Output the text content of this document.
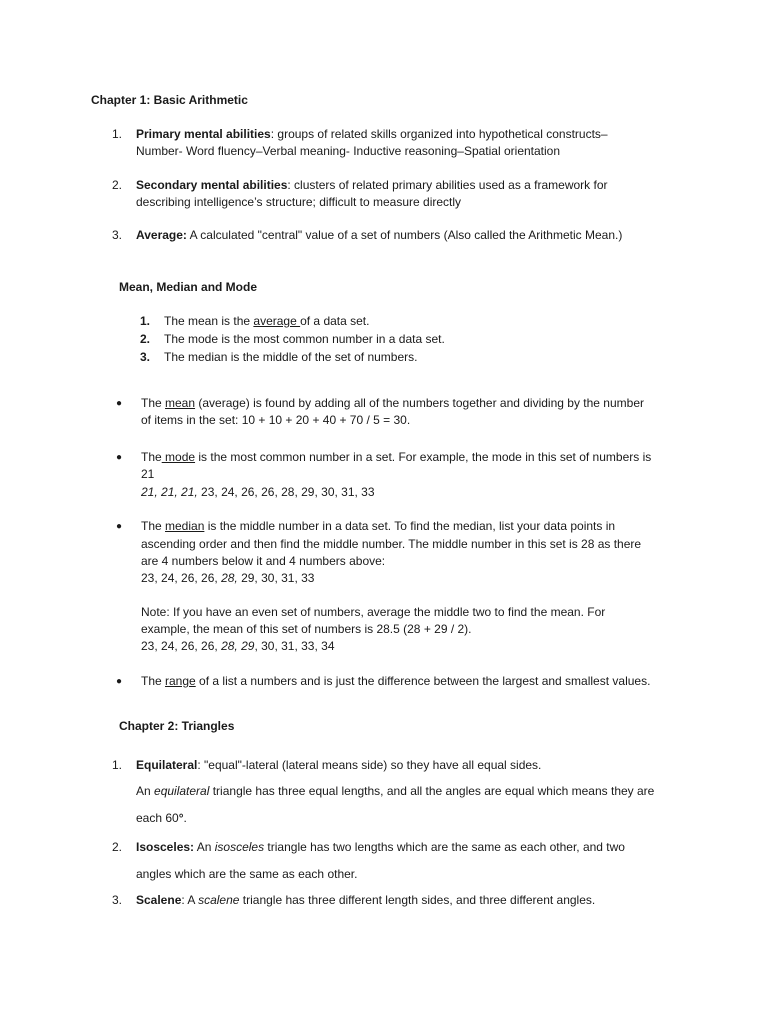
Chapter 1: Basic Arithmetic
1. Primary mental abilities: groups of related skills organized into hypothetical constructs–
Number- Word fluency–Verbal meaning- Inductive reasoning–Spatial orientation
2. Secondary mental abilities: clusters of related primary abilities used as a framework for
describing intelligence’s structure; difficult to measure directly
3. Average: A calculated "central" value of a set of numbers (Also called the Arithmetic Mean.)
Mean, Median and Mode
1. The mean is the average of a data set.
2. The mode is the most common number in a data set.
3. The median is the middle of the set of numbers.
● The mean (average) is found by adding all of the numbers together and dividing by the number
of items in the set: 10 + 10 + 20 + 40 + 70 / 5 = 30.
● The mode is the most common number in a set. For example, the mode in this set of numbers is
21
21, 21, 21, 23, 24, 26, 26, 28, 29, 30, 31, 33
● The median is the middle number in a data set. To find the median, list your data points in
ascending order and then find the middle number. The middle number in this set is 28 as there
are 4 numbers below it and 4 numbers above:
23, 24, 26, 26, 28, 29, 30, 31, 33
Note: If you have an even set of numbers, average the middle two to find the mean. For
example, the mean of this set of numbers is 28.5 (28 + 29 / 2).
23, 24, 26, 26, 28, 29, 30, 31, 33, 34
● The range of a list a numbers and is just the difference between the largest and smallest values.
Chapter 2: Triangles
1. Equilateral: "equal"-lateral (lateral means side) so they have all equal sides.
An equilateral triangle has three equal lengths, and all the angles are equal which means they are
each 60°.
2. Isosceles: An isosceles triangle has two lengths which are the same as each other, and two
angles which are the same as each other.
3. Scalene: A scalene triangle has three different length sides, and three different angles.
